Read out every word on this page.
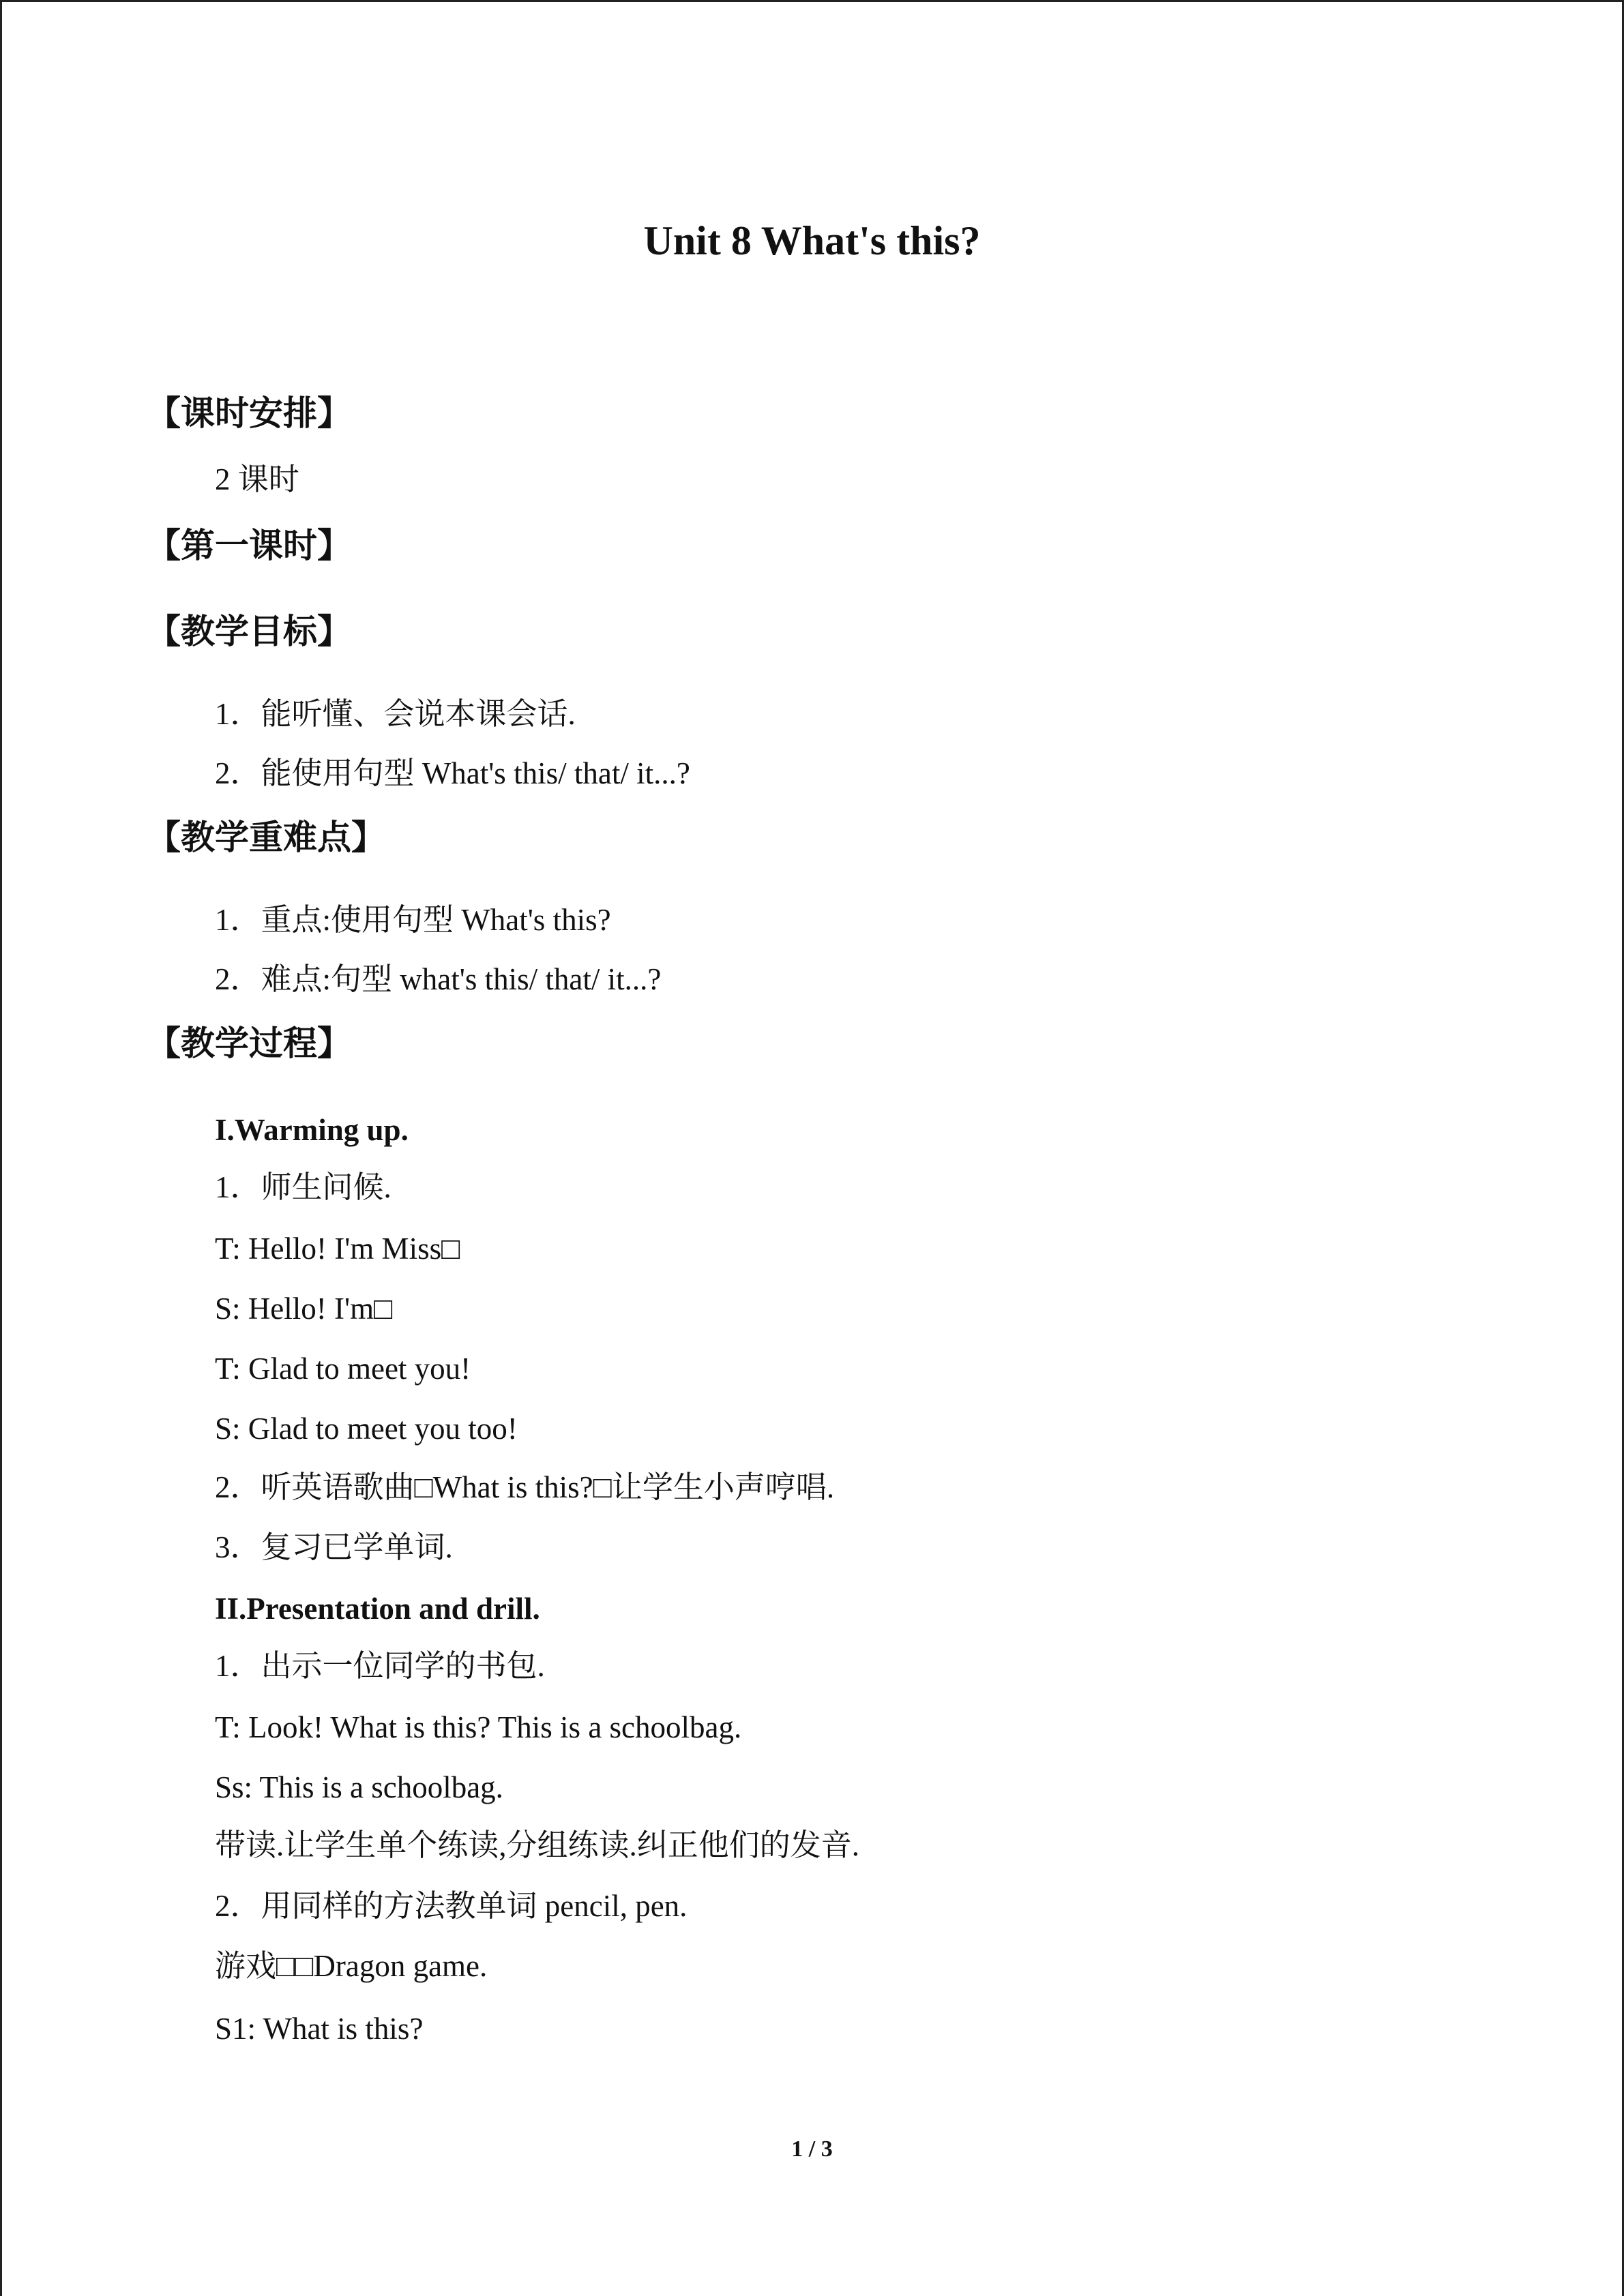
Unit 8 What's this?
【课时安排】
2 课时
【第一课时】
【教学目标】
1．能听懂、会说本课会话.
2．能使用句型 What's this/ that/ it...?
【教学重难点】
1．重点:使用句型 What's this?
2．难点:句型 what's this/ that/ it...?
【教学过程】
I.Warming up.
1．师生问候.
T: Hello! I'm Miss□
S: Hello! I'm□
T: Glad to meet you!
S: Glad to meet you too!
2．听英语歌曲□What is this?□让学生小声哼唱.
3．复习已学单词.
II.Presentation and drill.
1．出示一位同学的书包.
T: Look! What is this? This is a schoolbag.
Ss: This is a schoolbag.
带读.让学生单个练读,分组练读.纠正他们的发音.
2．用同样的方法教单词 pencil, pen.
游戏□□Dragon game.
S1: What is this?
1 / 3
